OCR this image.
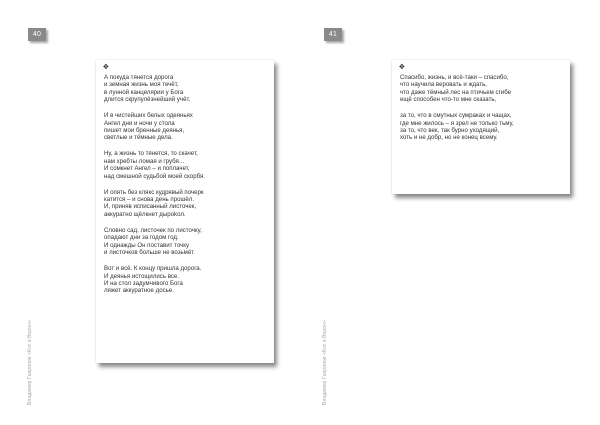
40	41
Владимир Гаврилов «Кот и Ворон»	Владимир Гаврилов «Кот и Ворон»
✥
А покуда тянется дорога
и земная жизнь моя течёт,
в лунной канцелярии у Бога
длится скрупулёзнейший учёт.
И в чистейших белых одеяньях
Ангел дни и ночи у стола
пишет мои бренные деянья,
светлые и тёмные дела.
Ну, а жизнь то тянется, то скачет,
нам хребты ломая и грубя…
И сомкнет Ангел – и поплачет,
над смешной судьбой моей скорбя.
И опять без клякс кудрявый почерк
катится – и снова день прошёл.
И, приняв исписанный листочек,
аккуратно щёлкнет дыроkол.
Словно сад, листочек по листочку,
опадают дни за годом год.
И однажды Он поставит точку
и листочков больше не возьмёт.
Вот и всё. К концу пришла дорога.
И деянья истощились все.
И на стол задумчивого Бога
ляжет аккуратное досье.
✥
Спасибо, жизнь, и всё-таки – спасибо,
что научила веровать и ждать,
что даже тёмный лес на птичьем сгибе
ещё способен что-то мне сказать,
за то, что в смутных сумраках и чащах,
где мне жилось – я зрел не только тьму,
за то, что век, так бурно уходящий,
хоть и не добр, но не конец всему.
